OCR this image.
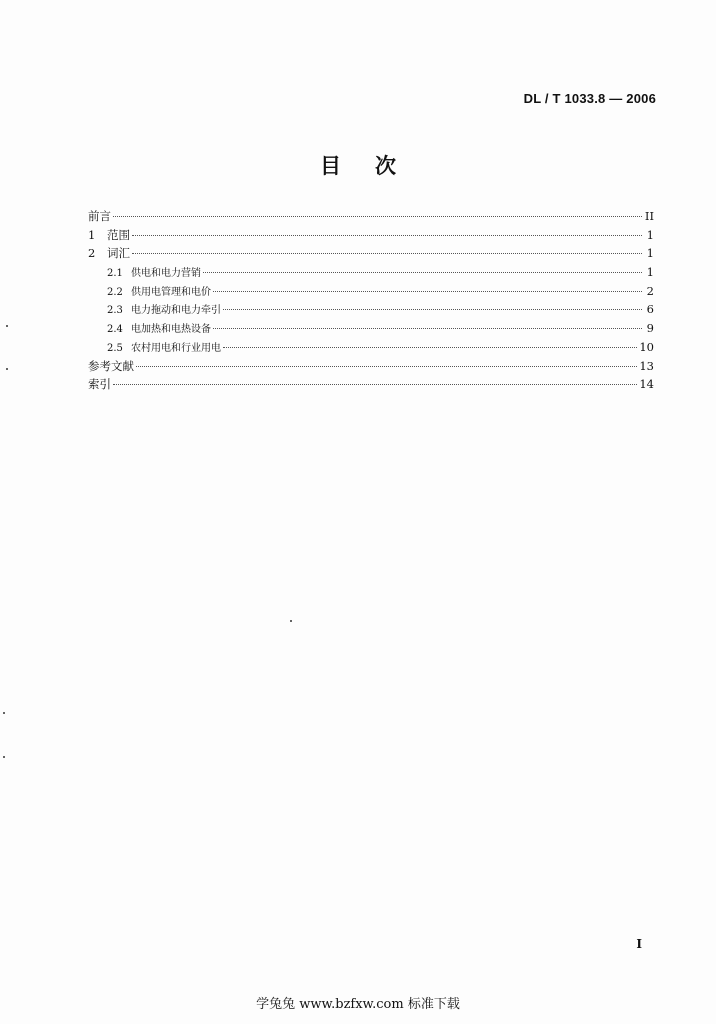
DL / T 1033.8 — 2006
目 次
前言	II
1	范围	1
2	词汇	1
2.1 供电和电力营销	1
2.2 供用电管理和电价	2
2.3 电力拖动和电力牵引	6
2.4 电加热和电热设备	9
2.5 农村用电和行业用电	10
参考文献	13
索引	14
I
学兔兔 www.bzfxw.com 标准下载
